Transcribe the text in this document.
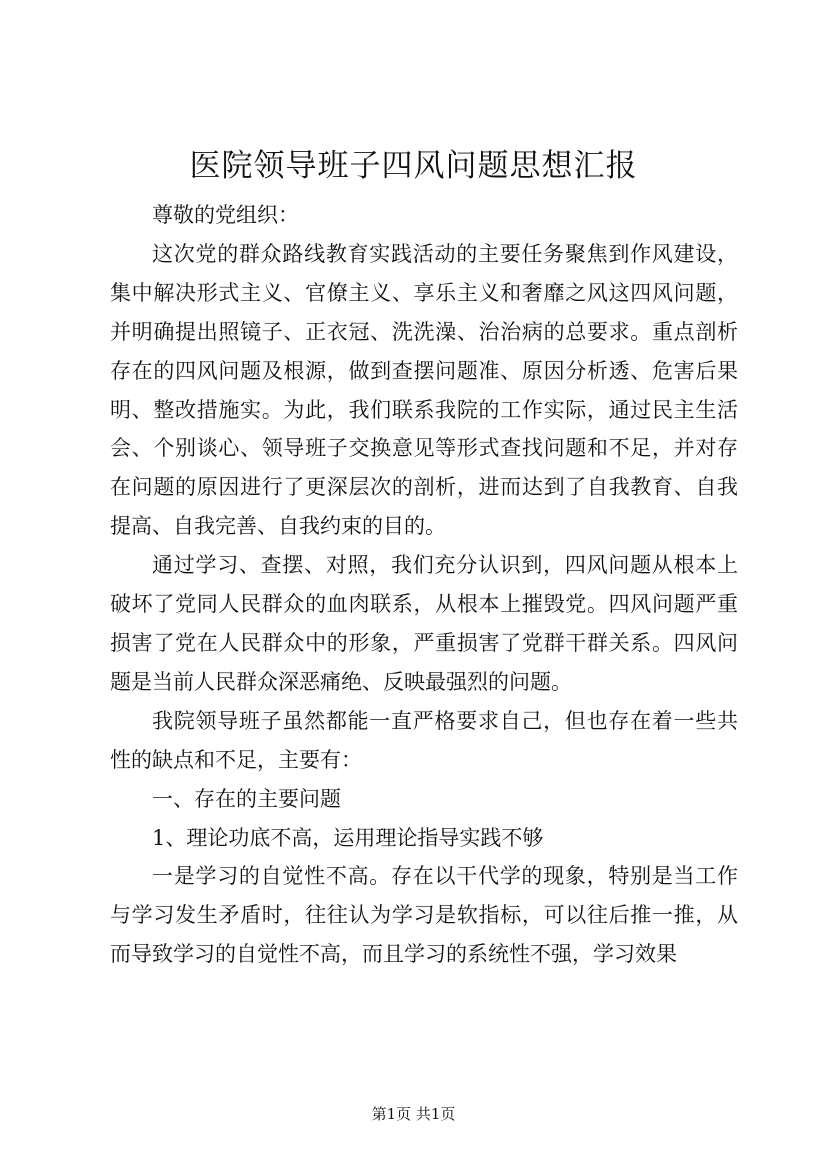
医院领导班子四风问题思想汇报

尊敬的党组织：

这次党的群众路线教育实践活动的主要任务聚焦到作风建设，集中解决形式主义、官僚主义、享乐主义和奢靡之风这四风问题，并明确提出照镜子、正衣冠、洗洗澡、治治病的总要求。重点剖析存在的四风问题及根源，做到查摆问题准、原因分析透、危害后果明、整改措施实。为此，我们联系我院的工作实际，通过民主生活会、个别谈心、领导班子交换意见等形式查找问题和不足，并对存在问题的原因进行了更深层次的剖析，进而达到了自我教育、自我提高、自我完善、自我约束的目的。

通过学习、查摆、对照，我们充分认识到，四风问题从根本上破坏了党同人民群众的血肉联系，从根本上摧毁党。四风问题严重损害了党在人民群众中的形象，严重损害了党群干群关系。四风问题是当前人民群众深恶痛绝、反映最强烈的问题。

我院领导班子虽然都能一直严格要求自己，但也存在着一些共性的缺点和不足，主要有：

一、存在的主要问题

1、理论功底不高，运用理论指导实践不够

一是学习的自觉性不高。存在以干代学的现象，特别是当工作与学习发生矛盾时，往往认为学习是软指标，可以往后推一推，从而导致学习的自觉性不高，而且学习的系统性不强，学习效果

第1页 共1页
